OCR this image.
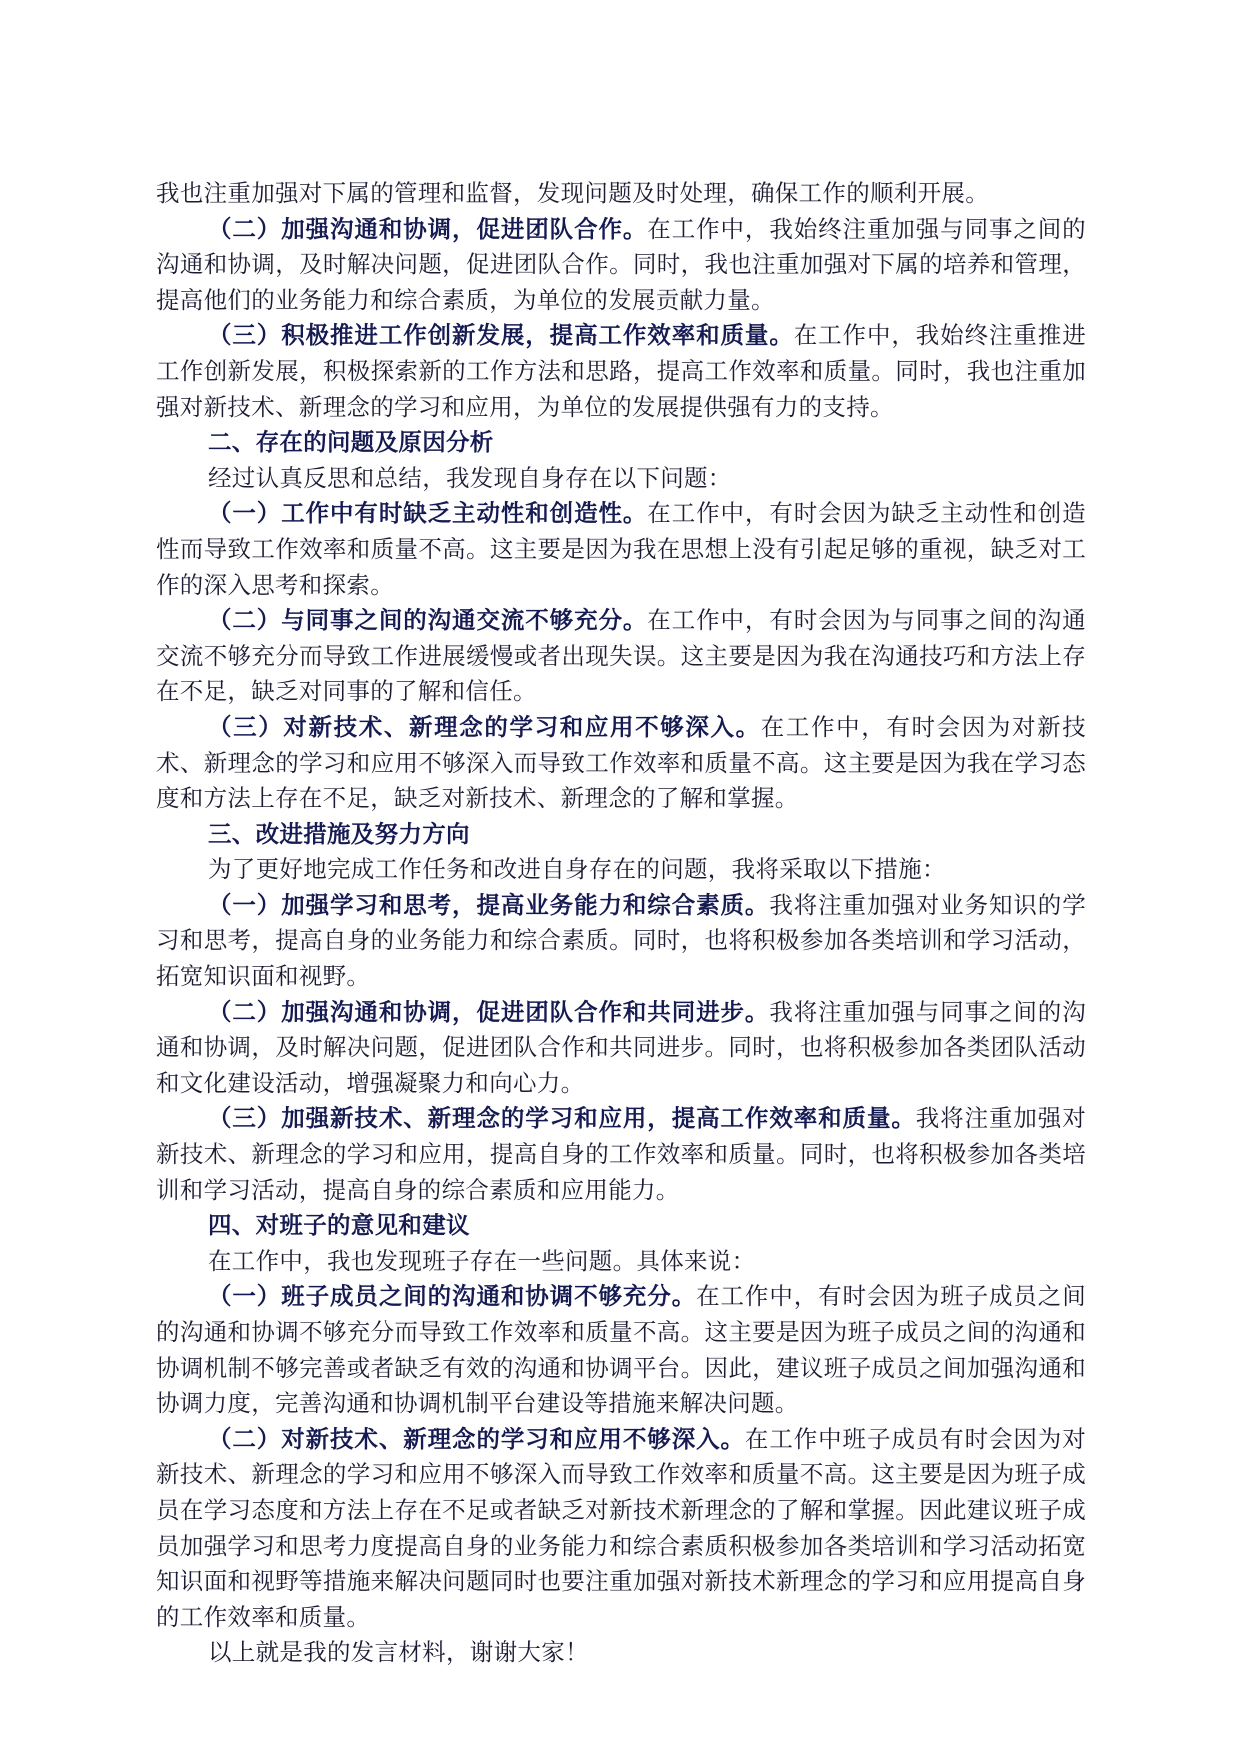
我也注重加强对下属的管理和监督，发现问题及时处理，确保工作的顺利开展。

（二）加强沟通和协调，促进团队合作。在工作中，我始终注重加强与同事之间的沟通和协调，及时解决问题，促进团队合作。同时，我也注重加强对下属的培养和管理，提高他们的业务能力和综合素质，为单位的发展贡献力量。

（三）积极推进工作创新发展，提高工作效率和质量。在工作中，我始终注重推进工作创新发展，积极探索新的工作方法和思路，提高工作效率和质量。同时，我也注重加强对新技术、新理念的学习和应用，为单位的发展提供强有力的支持。

二、存在的问题及原因分析

经过认真反思和总结，我发现自身存在以下问题：

（一）工作中有时缺乏主动性和创造性。在工作中，有时会因为缺乏主动性和创造性而导致工作效率和质量不高。这主要是因为我在思想上没有引起足够的重视，缺乏对工作的深入思考和探索。

（二）与同事之间的沟通交流不够充分。在工作中，有时会因为与同事之间的沟通交流不够充分而导致工作进展缓慢或者出现失误。这主要是因为我在沟通技巧和方法上存在不足，缺乏对同事的了解和信任。

（三）对新技术、新理念的学习和应用不够深入。在工作中，有时会因为对新技术、新理念的学习和应用不够深入而导致工作效率和质量不高。这主要是因为我在学习态度和方法上存在不足，缺乏对新技术、新理念的了解和掌握。

三、改进措施及努力方向

为了更好地完成工作任务和改进自身存在的问题，我将采取以下措施：

（一）加强学习和思考，提高业务能力和综合素质。我将注重加强对业务知识的学习和思考，提高自身的业务能力和综合素质。同时，也将积极参加各类培训和学习活动，拓宽知识面和视野。

（二）加强沟通和协调，促进团队合作和共同进步。我将注重加强与同事之间的沟通和协调，及时解决问题，促进团队合作和共同进步。同时，也将积极参加各类团队活动和文化建设活动，增强凝聚力和向心力。

（三）加强新技术、新理念的学习和应用，提高工作效率和质量。我将注重加强对新技术、新理念的学习和应用，提高自身的工作效率和质量。同时，也将积极参加各类培训和学习活动，提高自身的综合素质和应用能力。

四、对班子的意见和建议

在工作中，我也发现班子存在一些问题。具体来说：

（一）班子成员之间的沟通和协调不够充分。在工作中，有时会因为班子成员之间的沟通和协调不够充分而导致工作效率和质量不高。这主要是因为班子成员之间的沟通和协调机制不够完善或者缺乏有效的沟通和协调平台。因此，建议班子成员之间加强沟通和协调力度，完善沟通和协调机制平台建设等措施来解决问题。

（二）对新技术、新理念的学习和应用不够深入。在工作中班子成员有时会因为对新技术、新理念的学习和应用不够深入而导致工作效率和质量不高。这主要是因为班子成员在学习态度和方法上存在不足或者缺乏对新技术新理念的了解和掌握。因此建议班子成员加强学习和思考力度提高自身的业务能力和综合素质积极参加各类培训和学习活动拓宽知识面和视野等措施来解决问题同时也要注重加强对新技术新理念的学习和应用提高自身的工作效率和质量。

以上就是我的发言材料，谢谢大家！
